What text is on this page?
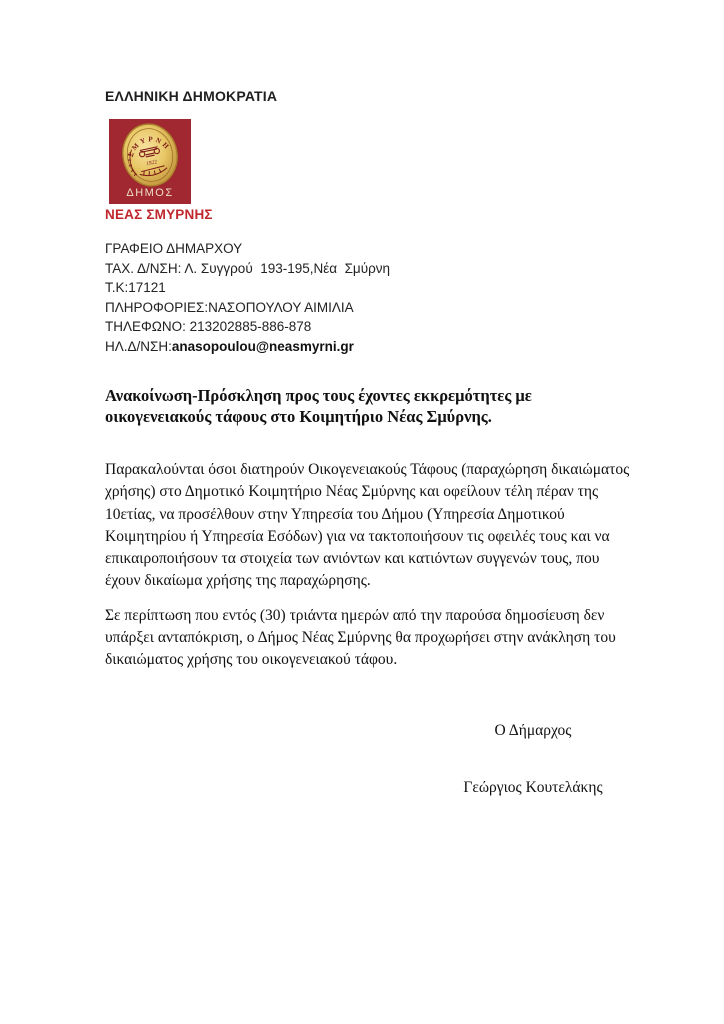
ΕΛΛΗΝΙΚΗ ΔΗΜΟΚΡΑΤΙΑ
ΣΜΥΡΝΗ
1922
ΔΗΜΟΣ
ΝΕΑΣ ΣΜΥΡΝΗΣ
ΓΡΑΦΕΙΟ ΔΗΜΑΡΧΟΥ
ΤΑΧ. Δ/ΝΣΗ: Λ. Συγγρού  193-195,Νέα  Σμύρνη
Τ.Κ:17121
ΠΛΗΡΟΦΟΡΙΕΣ:ΝΑΣΟΠΟΥΛΟΥ ΑΙΜΙΛΙΑ
ΤΗΛΕΦΩΝΟ: 213202885-886-878
ΗΛ.Δ/ΝΣΗ:anasopoulou@neasmyrni.gr
Ανακοίνωση-Πρόσκληση προς τους έχοντες εκκρεμότητες με οικογενειακούς τάφους στο Κοιμητήριο Νέας Σμύρνης.
Παρακαλούνται όσοι διατηρούν Οικογενειακούς Τάφους (παραχώρηση δικαιώματος χρήσης) στο Δημοτικό Κοιμητήριο Νέας Σμύρνης και οφείλουν τέλη πέραν της 10ετίας, να προσέλθουν στην Υπηρεσία του Δήμου (Υπηρεσία Δημοτικού Κοιμητηρίου ή Υπηρεσία Εσόδων) για να τακτοποιήσουν τις οφειλές τους και να επικαιροποιήσουν τα στοιχεία των ανιόντων και κατιόντων συγγενών τους, που έχουν δικαίωμα χρήσης της παραχώρησης.
Σε περίπτωση που εντός (30) τριάντα ημερών από την παρούσα δημοσίευση δεν υπάρξει ανταπόκριση, ο Δήμος Νέας Σμύρνης θα προχωρήσει στην ανάκληση του δικαιώματος χρήσης του οικογενειακού τάφου.
Ο Δήμαρχος
Γεώργιος Κουτελάκης
